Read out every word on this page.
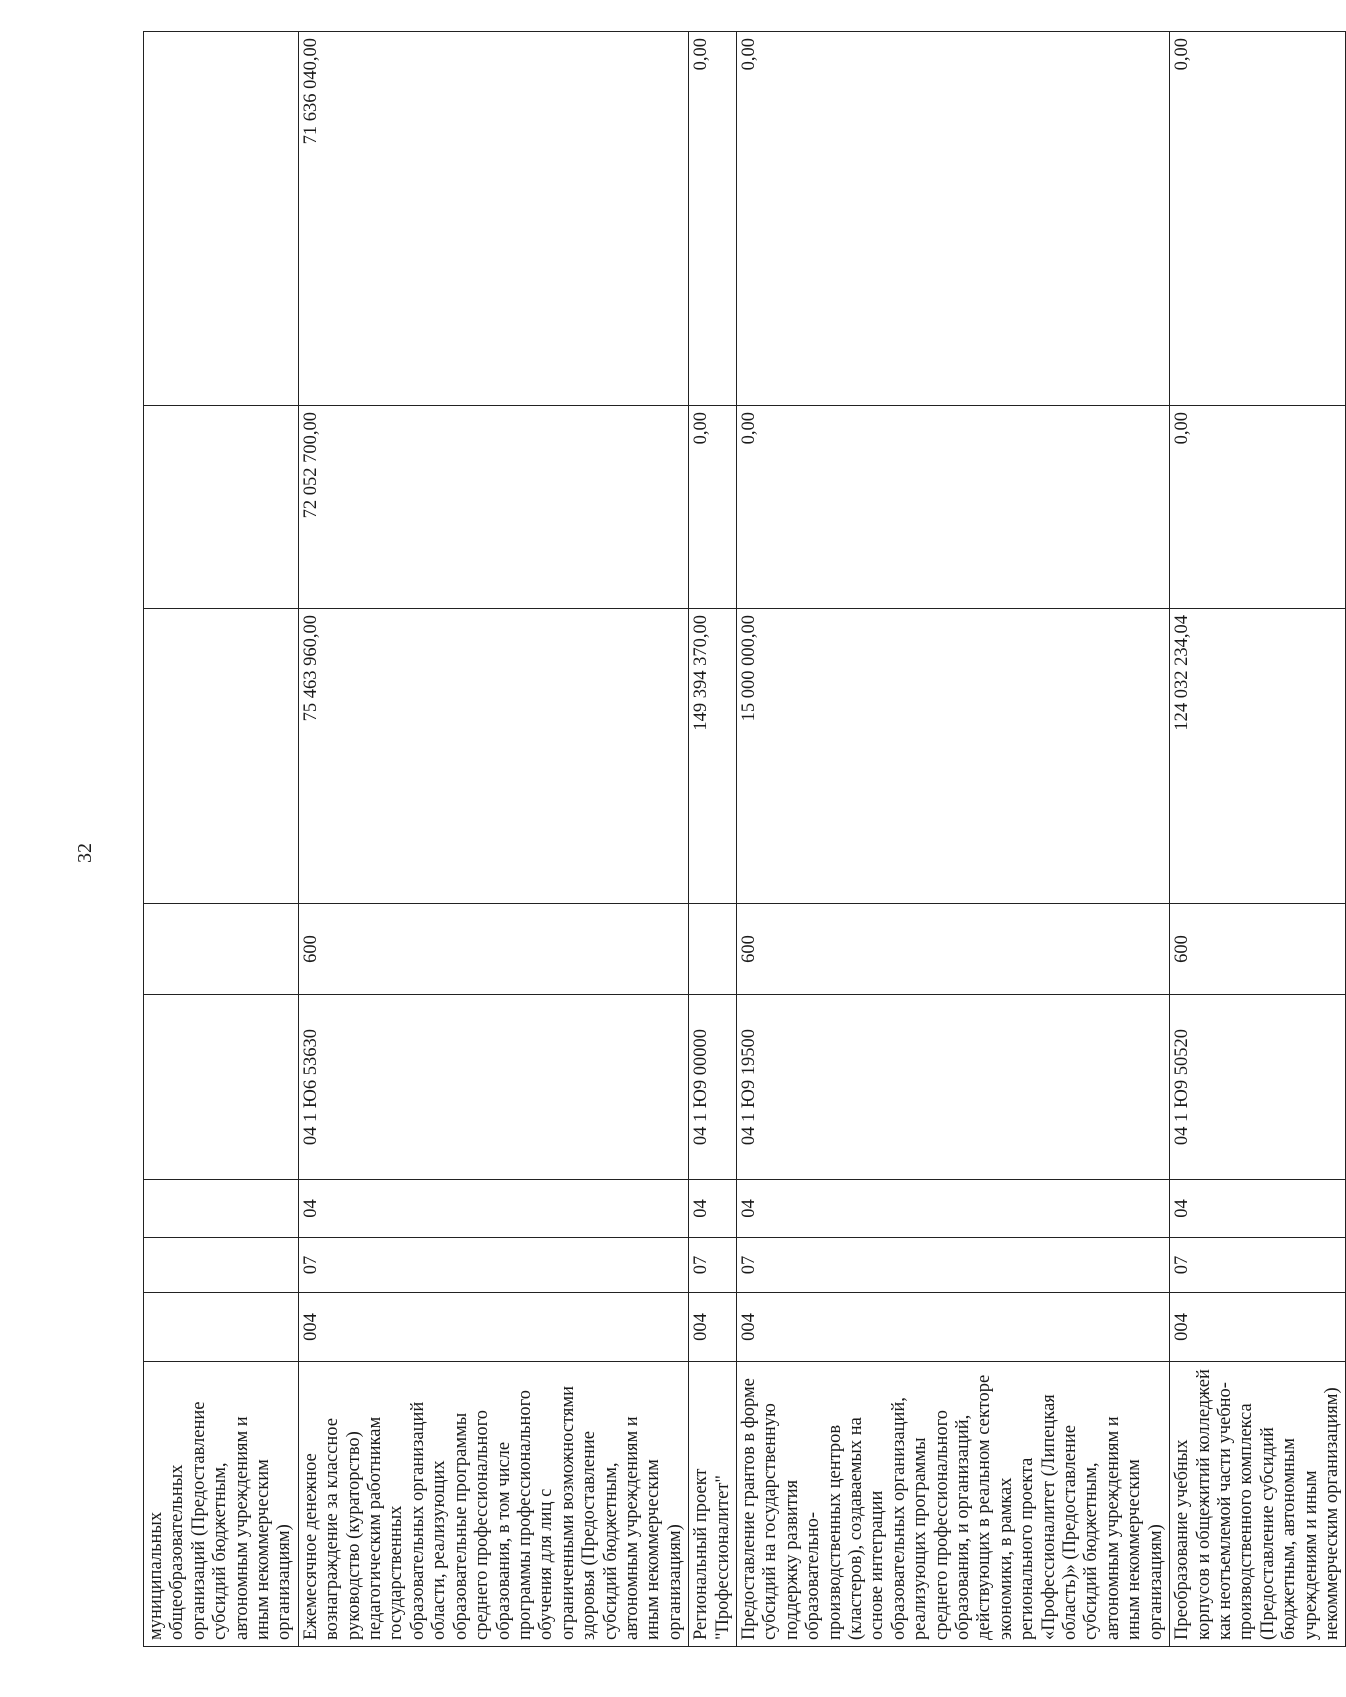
32
муниципальных общеобразовательных организаций (Предоставление субсидий бюджетным, автономным учреждениям и иным некоммерческим организациям)								
Ежемесячное денежное вознаграждение за классное руководство (кураторство) педагогическим работникам государственных образовательных организаций области, реализующих образовательные программы среднего профессионального образования, в том числе программы профессионального обучения для лиц с ограниченными возможностями здоровья (Предоставление субсидий бюджетным, автономным учреждениям и иным некоммерческим организациям)	004	07	04	04 1 Ю6 53630	600	75 463 960,00	72 052 700,00	71 636 040,00
Региональный проект "Профессионалитет"	004	07	04	04 1 Ю9 00000		149 394 370,00	0,00	0,00
Предоставление грантов в форме субсидий на государственную поддержку развития образовательно-производственных центров (кластеров), создаваемых на основе интеграции образовательных организаций, реализующих программы среднего профессионального образования, и организаций, действующих в реальном секторе экономики, в рамках регионального проекта «Профессионалитет (Липецкая область)» (Предоставление субсидий бюджетным, автономным учреждениям и иным некоммерческим организациям)	004	07	04	04 1 Ю9 19500	600	15 000 000,00	0,00	0,00
Преобразование учебных корпусов и общежитий колледжей как неотъемлемой части учебно-производственного комплекса (Предоставление субсидий бюджетным, автономным учреждениям и иным некоммерческим организациям)	004	07	04	04 1 Ю9 50520	600	124 032 234,04	0,00	0,00
